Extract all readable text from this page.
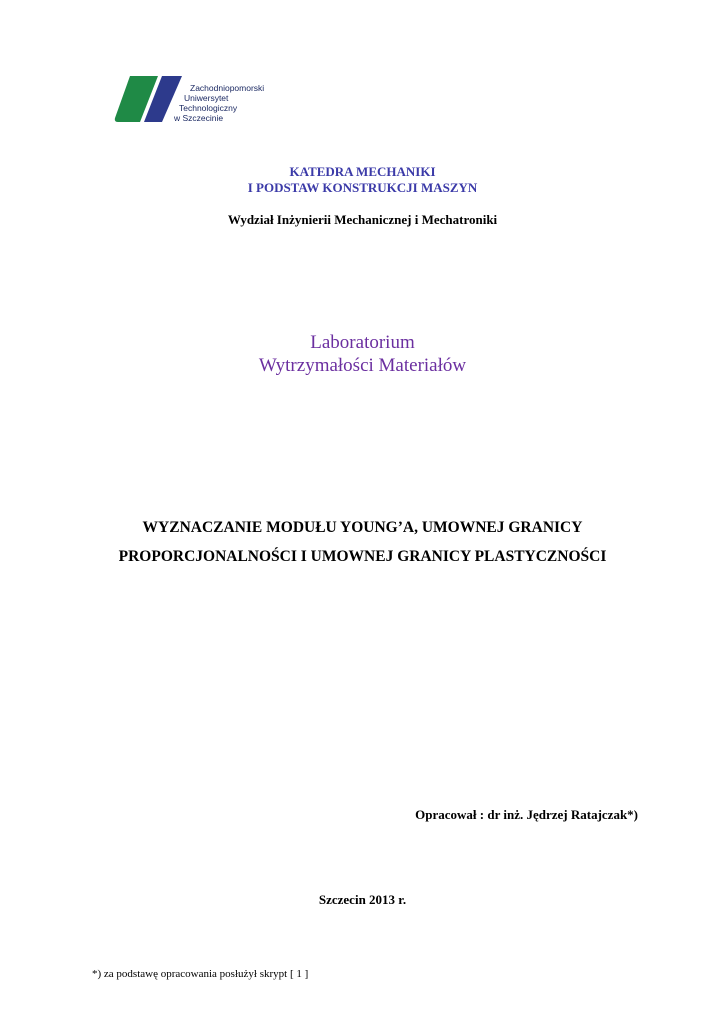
Zachodniopomorski
Uniwersytet
Technologiczny
w Szczecinie
KATEDRA MECHANIKI
I PODSTAW KONSTRUKCJI MASZYN
Wydział Inżynierii Mechanicznej i Mechatroniki
Laboratorium
Wytrzymałości Materiałów
WYZNACZANIE MODUŁU YOUNG’A, UMOWNEJ GRANICY
PROPORCJONALNOŚCI I UMOWNEJ GRANICY PLASTYCZNOŚCI
Opracował : dr inż. Jędrzej Ratajczak*)
Szczecin 2013 r.
*) za podstawę opracowania posłużył skrypt [ 1 ]
